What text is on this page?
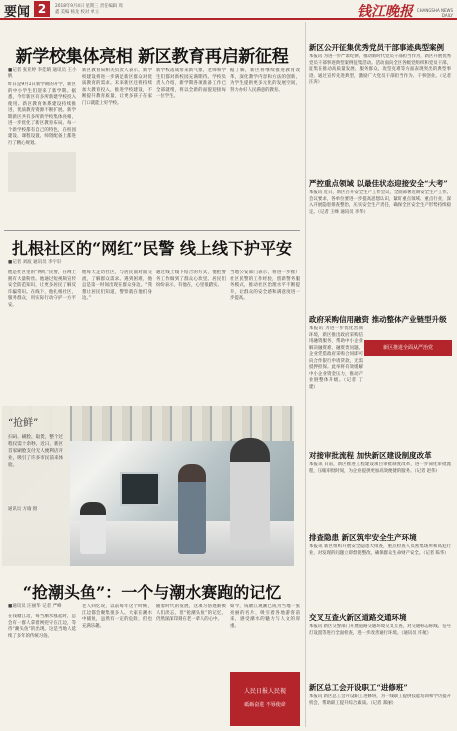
要闻 2	2018年9月4日 星期三 责任编辑 周鑫 美编 杨龙 校对 单立	钱江晚报 CHANGSHA NEWS DAILY
新学校集体亮相 新区教育再启新征程
■记者 张亚婷 李佳晴 通讯员 王小帆
昨日是9月1日新学期的开学，新区的中小学生们迎来了新学期。据悉，今年新区有多所新建学校投入使用。新区教育体系建设持续推进，优质教育资源不断扩展。新学期新区共有多所新学校集体亮相，进一步优化了新区教育布局。每一个新学校都有自己的特色，在校园建设、课程设置、师资配备上都进行了精心规划。
新区教育局相关负责人表示，新学校建设将进一步满足新区群众对优质教育的需求。未来新区还将持续加大教育投入，推进学校建设，不断提升教育质量，让更多孩子在家门口就能上好学校。
新学校落成带来新气象，老师和学生们都对新校园充满期待。学校负责人介绍，新学期各项准备工作已全部就绪，将以全新的面貌迎接每一位学生。
据了解，新区将继续推进教育改革，深化教学内容和方法的创新，为学生提供更多元化的发展空间，努力办好人民满意的教育。
扎根社区的“网红”民警 线上线下护平安
■记者 刘波 通讯员 李宇轩
他是社区里的“网红”民警，在网上拥有大量粉丝。他通过短视频宣传安全防范知识，让更多居民了解反诈骗常识。在线下，他扎根社区，服务群众，用实际行动守护一方平安。
他每天走访社区，与居民面对面交流，了解群众需求。遇到困难，他总是第一时间出现在群众身边。“我想让居民们知道，警察就在他们身边。”
通过线上线下结合的方式，他把警务工作做到了群众心坎里。居民们纷纷表示，有他在，心里很踏实。
当地公安部门表示，将进一步推广社区民警的工作经验，创新警务服务模式，推动社区治理水平不断提升，让群众的安全感和满意度进一步提高。
“抢鲜”
扫码、刷脸、取货，整个过程仅需十余秒。近日，新区首家刷脸支付无人便利店开业，吸引了许多市民前来体验。
通讯员 方瑜 摄
“抢潮头鱼”：一个与潮水赛跑的记忆
■通讯员 汪丽华 记者 严峰
在钱塘江边，每当潮水涨起时，总会有一群人拿着网兜守在江边，等待“潮头鱼”的出现。这是当地人延续了多年的传统习俗。
老人回忆说，以前每年这个时候，江边都会聚集很多人。大家在潮水中捕鱼，虽然有一定的危险，但也充满乐趣。
随着时代的发展，这项习俗逐渐被人们淡忘，但“抢潮头鱼”的记忆，仍然深深印刻在老一辈人的心中。
如今，钱塘江观潮已成为当地一张亮丽的名片，吸引着各地游客前来，感受潮水的魅力与人文的厚重。
人民日报人民视
砥砺奋进 不辱使命
新区公开征集优秀党员干部事迹典型案例
本报讯 为进一步严肃纪律，推动新时代党员干部担当作为，新区开展优秀党员干部事迹典型案例征集活动。活动面向全区各级党组织和党员干部，征集在推动高质量发展、服务群众、攻坚克难等方面表现突出的典型事迹，通过宣传先进典型，激励广大党员干部担当作为、干事创业。（记者 汪涛）
严控重点领域 以最佳状态迎接安全“大考”
本报讯 近日，新区召开安全生产工作会议，全面部署近期安全生产工作。会议要求，各单位要进一步提高思想认识，紧盯重点领域、重点行业，深入开展隐患排查整治，压实安全生产责任，确保全区安全生产形势持续稳定。（记者 王峰 通讯员 李华）
新区推进全面从严治党
政府采购信用融资 推动整体产业链型升级
本报讯 为进一步优化营商环境，新区推出政府采购信用融资服务，帮助中小企业解决融资难、融资贵问题。企业凭借政府采购合同即可向合作银行申请贷款，无需抵押担保。此举将有效缓解中小企业资金压力，推动产业链整体升级。（记者 丁建）
对接审批流程 加快新区建设制度改革
本报讯 日前，新区推进工程建设项目审批制度改革，进一步简化审批流程，压缩审批时间，为企业提供更加高效便捷的服务。（记者 赵伟）
排查隐患 新区筑牢安全生产环境
本报讯 新区组织开展安全隐患大排查，重点检查人员密集场所和高危行业，对发现的问题立即督促整改，确保群众生命财产安全。（记者 陈华）
交叉互查火新区道路交通环境
本报讯 新区交警部门开展道路交通环境交叉互查，对交通标志标线、信号灯设置等进行全面检查，进一步改善通行环境。（通讯员 许航）
新区总工会开设职工“进修班”
本报讯 新区总工会开设职工进修班，为一线职工提供技能培训和学历提升机会，帮助职工提升综合素质。（记者 郑丽）
